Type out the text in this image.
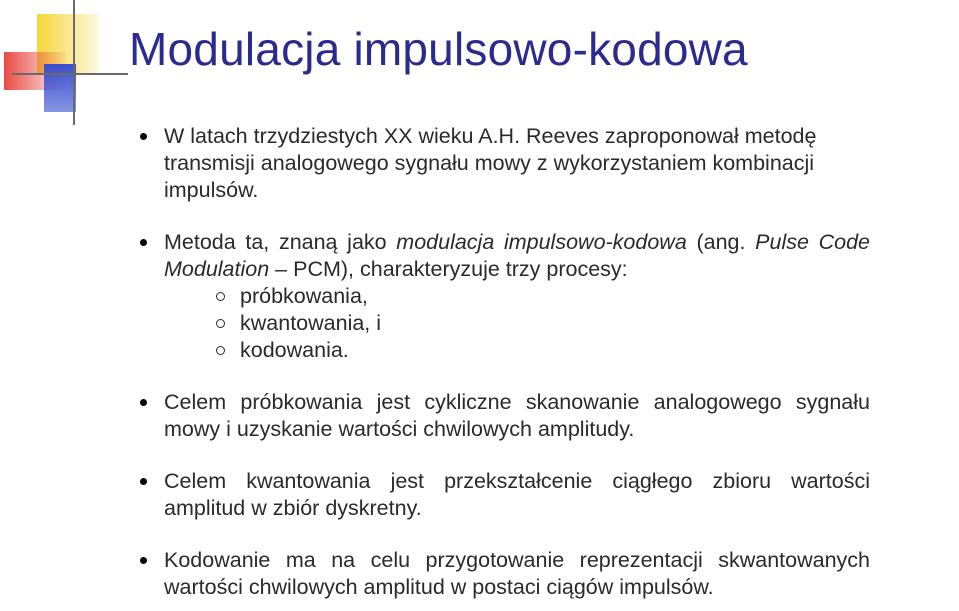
Modulacja impulsowo-kodowa
W latach trzydziestych XX wieku A.H. Reeves zaproponował metodę transmisji analogowego sygnału mowy z wykorzystaniem kombinacji impulsów.
Metoda ta, znaną jako modulacja impulsowo-kodowa (ang. Pulse Code Modulation – PCM), charakteryzuje trzy procesy:
próbkowania,
kwantowania, i
kodowania.
Celem próbkowania jest cykliczne skanowanie analogowego sygnału mowy i uzyskanie wartości chwilowych amplitudy.
Celem kwantowania jest przekształcenie ciągłego zbioru wartości amplitud w zbiór dyskretny.
Kodowanie ma na celu przygotowanie reprezentacji skwantowanych wartości chwilowych amplitud w postaci ciągów impulsów.
